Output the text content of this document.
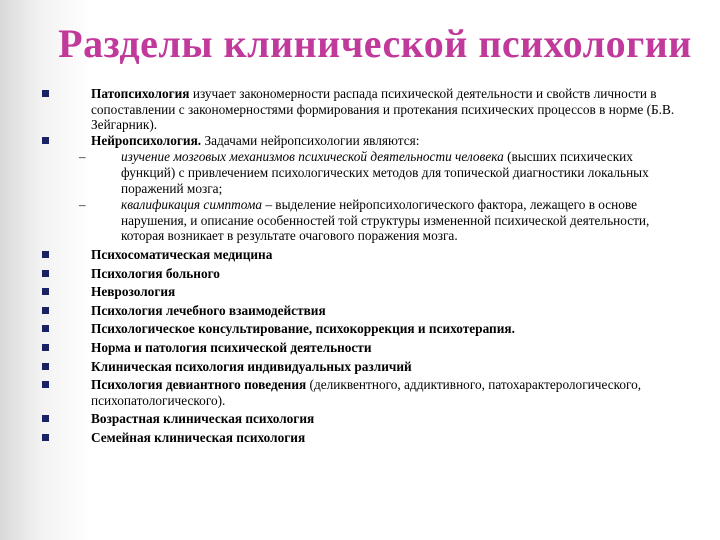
Разделы клинической психологии
Патопсихология изучает закономерности распада психической деятельности и свойств личности в сопоставлении с закономерностями формирования и протекания психических процессов в норме (Б.В. Зейгарник).
Нейропсихология. Задачами нейропсихологии являются:
–	изучение мозговых механизмов психической деятельности человека (высших психических функций) с привлечением психологических методов для топической диагностики локальных поражений мозга;
–	квалификация симптома – выделение нейропсихологического фактора, лежащего в основе нарушения, и описание особенностей той структуры измененной психической деятельности, которая возникает в результате очагового поражения мозга.
Психосоматическая медицина
Психология больного
Неврозология
Психология лечебного взаимодействия
Психологическое консультирование, психокоррекция и психотерапия.
Норма и патология психической деятельности
Клиническая психология индивидуальных различий
Психология девиантного поведения (деликвентного, аддиктивного, патохарактерологического, психопатологического).
Возрастная клиническая психология
Семейная клиническая психология
